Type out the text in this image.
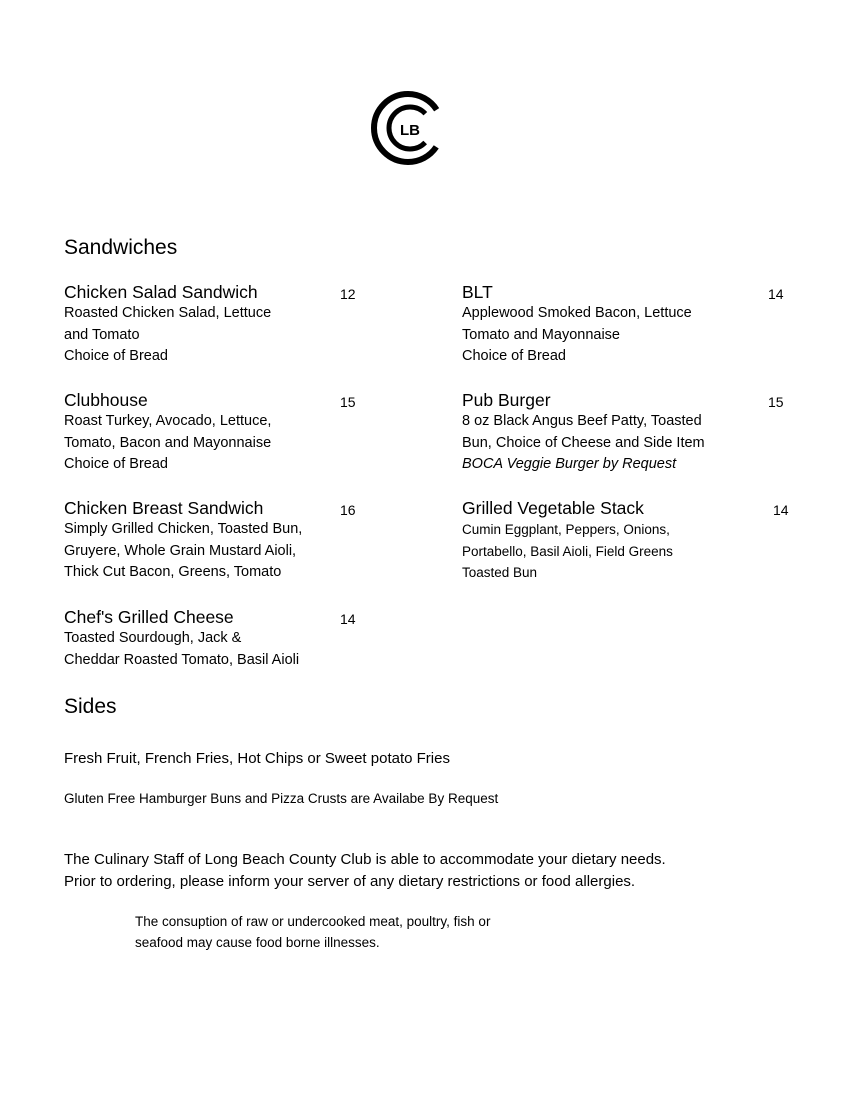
LB
Sandwiches
Chicken Salad Sandwich	12
Roasted Chicken Salad, Lettuce
and Tomato
Choice of Bread
Clubhouse	15
Roast Turkey, Avocado, Lettuce,
Tomato, Bacon and Mayonnaise
Choice of Bread
Chicken Breast Sandwich	16
Simply Grilled Chicken, Toasted Bun,
Gruyere, Whole Grain Mustard Aioli,
Thick Cut Bacon, Greens, Tomato
Chef's Grilled Cheese	14
Toasted Sourdough, Jack &
Cheddar Roasted Tomato, Basil Aioli
BLT	14
Applewood Smoked Bacon, Lettuce
Tomato and Mayonnaise
Choice of Bread
Pub Burger	15
8 oz Black Angus Beef Patty, Toasted
Bun, Choice of Cheese and Side Item
BOCA Veggie Burger by Request
Grilled Vegetable Stack	14
Cumin Eggplant, Peppers, Onions,
Portabello, Basil Aioli, Field Greens
Toasted Bun
Sides
Fresh Fruit, French Fries, Hot Chips or Sweet potato Fries
Gluten Free Hamburger Buns and Pizza Crusts are Availabe By Request
The Culinary Staff of Long Beach County Club is able to accommodate your dietary needs.
Prior to ordering, please inform your server of any dietary restrictions or food allergies.
The consuption of raw or undercooked meat, poultry, fish or
seafood may cause food borne illnesses.
